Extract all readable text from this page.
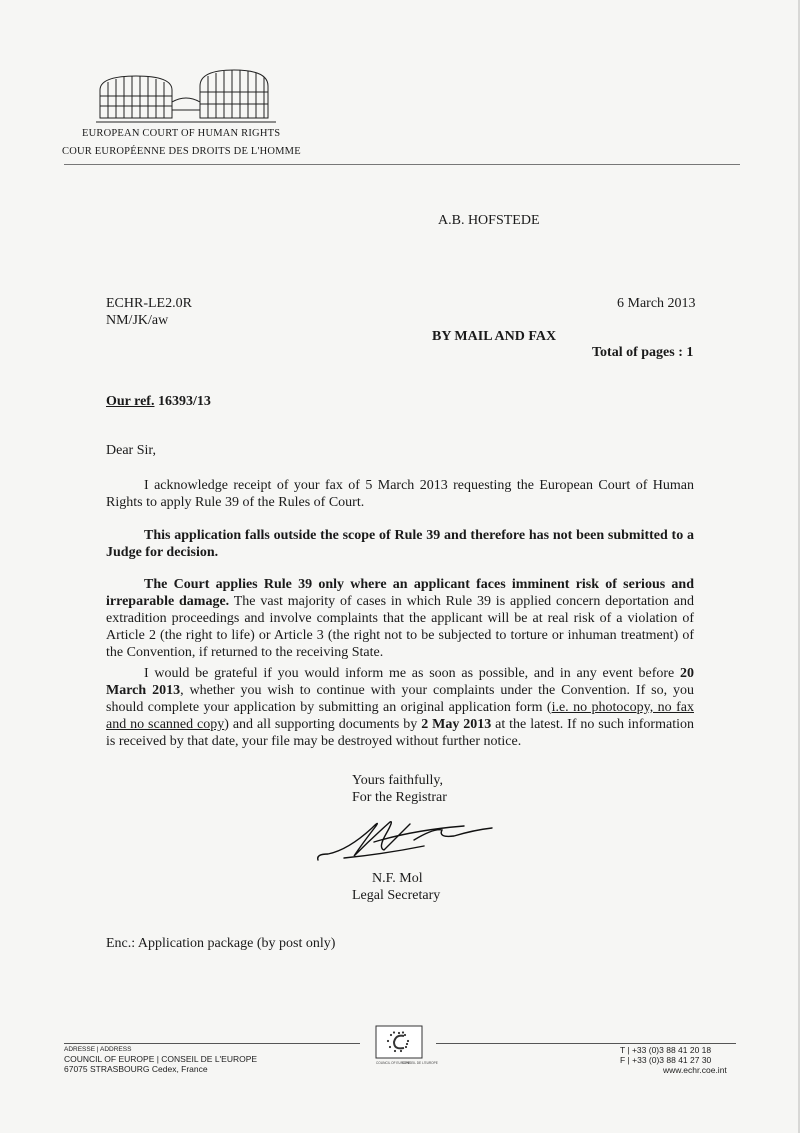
EUROPEAN COURT OF HUMAN RIGHTS
COUR EUROPÉENNE DES DROITS DE L'HOMME
A.B. HOFSTEDE
ECHR-LE2.0R
NM/JK/aw
6 March 2013
BY MAIL AND FAX
Total of pages : 1
Our ref. 16393/13
Dear Sir,
I acknowledge receipt of your fax of 5 March 2013 requesting the European Court of Human Rights to apply Rule 39 of the Rules of Court.
This application falls outside the scope of Rule 39 and therefore has not been submitted to a Judge for decision.
The Court applies Rule 39 only where an applicant faces imminent risk of serious and irreparable damage. The vast majority of cases in which Rule 39 is applied concern deportation and extradition proceedings and involve complaints that the applicant will be at real risk of a violation of Article 2 (the right to life) or Article 3 (the right not to be subjected to torture or inhuman treatment) of the Convention, if returned to the receiving State.
I would be grateful if you would inform me as soon as possible, and in any event before 20 March 2013, whether you wish to continue with your complaints under the Convention. If so, you should complete your application by submitting an original application form (i.e. no photocopy, no fax and no scanned copy) and all supporting documents by 2 May 2013 at the latest. If no such information is received by that date, your file may be destroyed without further notice.
Yours faithfully,
For the Registrar
N.F. Mol
Legal Secretary
Enc.: Application package (by post only)
COUNCIL OF EUROPE
CONSEIL DE L'EUROPE
ADRESSE | ADDRESS
COUNCIL OF EUROPE | CONSEIL DE L'EUROPE
67075 STRASBOURG Cedex, France
T | +33 (0)3 88 41 20 18
F | +33 (0)3 88 41 27 30
www.echr.coe.int
